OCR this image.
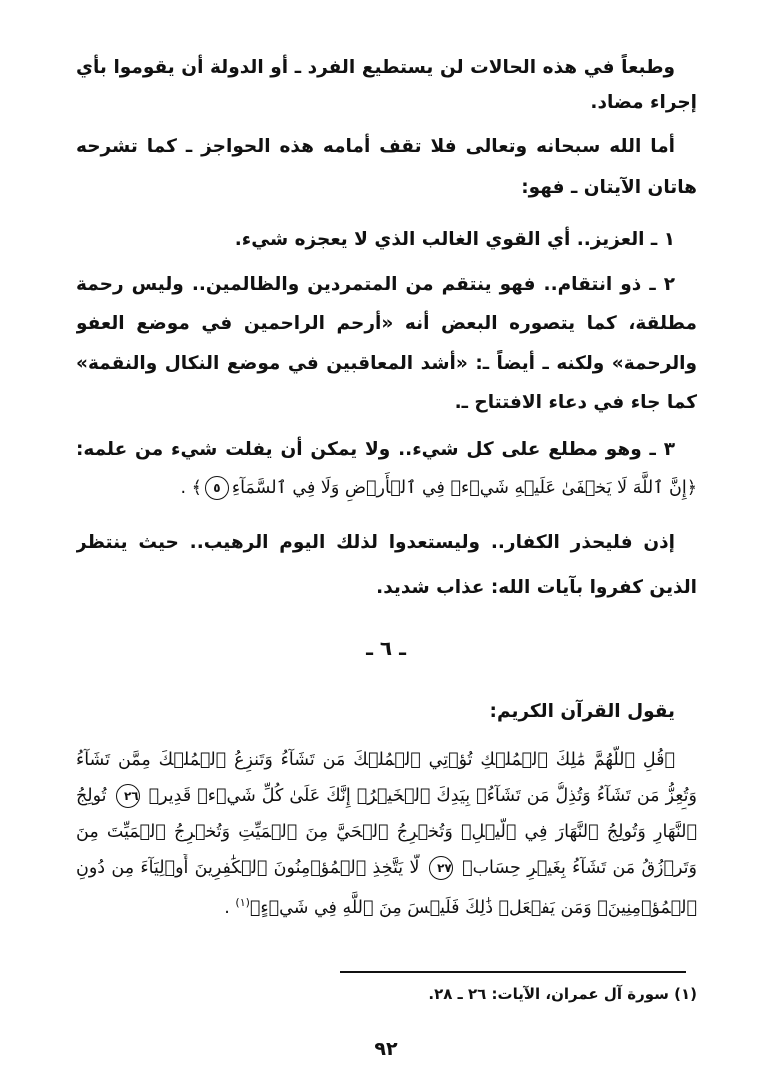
وطبعاً في هذه الحالات لن يستطيع الفرد ـ أو الدولة أن يقوموا بأي
إجراء مضاد.
أما الله سبحانه وتعالى فلا تقف أمامه هذه الحواجز ـ كما تشرحه
هاتان الآيتان ـ فهو:
١ ـ العزيز.. أي القوي الغالب الذي لا يعجزه شيء.
٢ ـ ذو انتقام.. فهو ينتقم من المتمردين والظالمين.. وليس رحمة
مطلقة، كما يتصوره البعض أنه «أرحم الراحمين في موضع العفو
والرحمة» ولكنه ـ أيضاً ـ: «أشد المعاقبين في موضع النكال والنقمة»
كما جاء في دعاء الافتتاح ـ.
٣ ـ وهو مطلع على كل شيء.. ولا يمكن أن يفلت شيء من علمه:
﴿إِنَّ ٱللَّهَ لَا يَخۡفَىٰ عَلَيۡهِ شَيۡءٞ فِي ٱلۡأَرۡضِ وَلَا فِي ٱلسَّمَآءِ٥﴾ .
إذن فليحذر الكفار.. وليستعدوا لذلك اليوم الرهيب.. حيث ينتظر
الذين كفروا بآيات الله: عذاب شديد.
ـ ٦ ـ
يقول القرآن الكريم:
﴿قُلِ ٱللَّهُمَّ مَٰلِكَ ٱلۡمُلۡكِ تُؤۡتِي ٱلۡمُلۡكَ مَن تَشَآءُ وَتَنزِعُ ٱلۡمُلۡكَ مِمَّن تَشَآءُ
وَتُعِزُّ مَن تَشَآءُ وَتُذِلُّ مَن تَشَآءُۖ بِيَدِكَ ٱلۡخَيۡرُۖ إِنَّكَ عَلَىٰ كُلِّ شَيۡءٖ قَدِيرٞ ٢٦ تُولِجُ
ٱلنَّهَارِ وَتُولِجُ ٱلنَّهَارَ فِي ٱلَّيۡلِۖ وَتُخۡرِجُ ٱلۡحَيَّ مِنَ ٱلۡمَيِّتِ وَتُخۡرِجُ ٱلۡمَيِّتَ مِنَ
وَتَرۡزُقُ مَن تَشَآءُ بِغَيۡرِ حِسَابٖ ٢٧ لَّا يَتَّخِذِ ٱلۡمُؤۡمِنُونَ ٱلۡكَٰفِرِينَ أَوۡلِيَآءَ مِن دُونِ
ٱلۡمُؤۡمِنِينَۖ وَمَن يَفۡعَلۡ ذَٰلِكَ فَلَيۡسَ مِنَ ٱللَّهِ فِي شَيۡءٍ﴾$^{(١)}$ .
(١) سورة آل عمران، الآيات: ٢٦ ـ ٢٨.
٩٢
